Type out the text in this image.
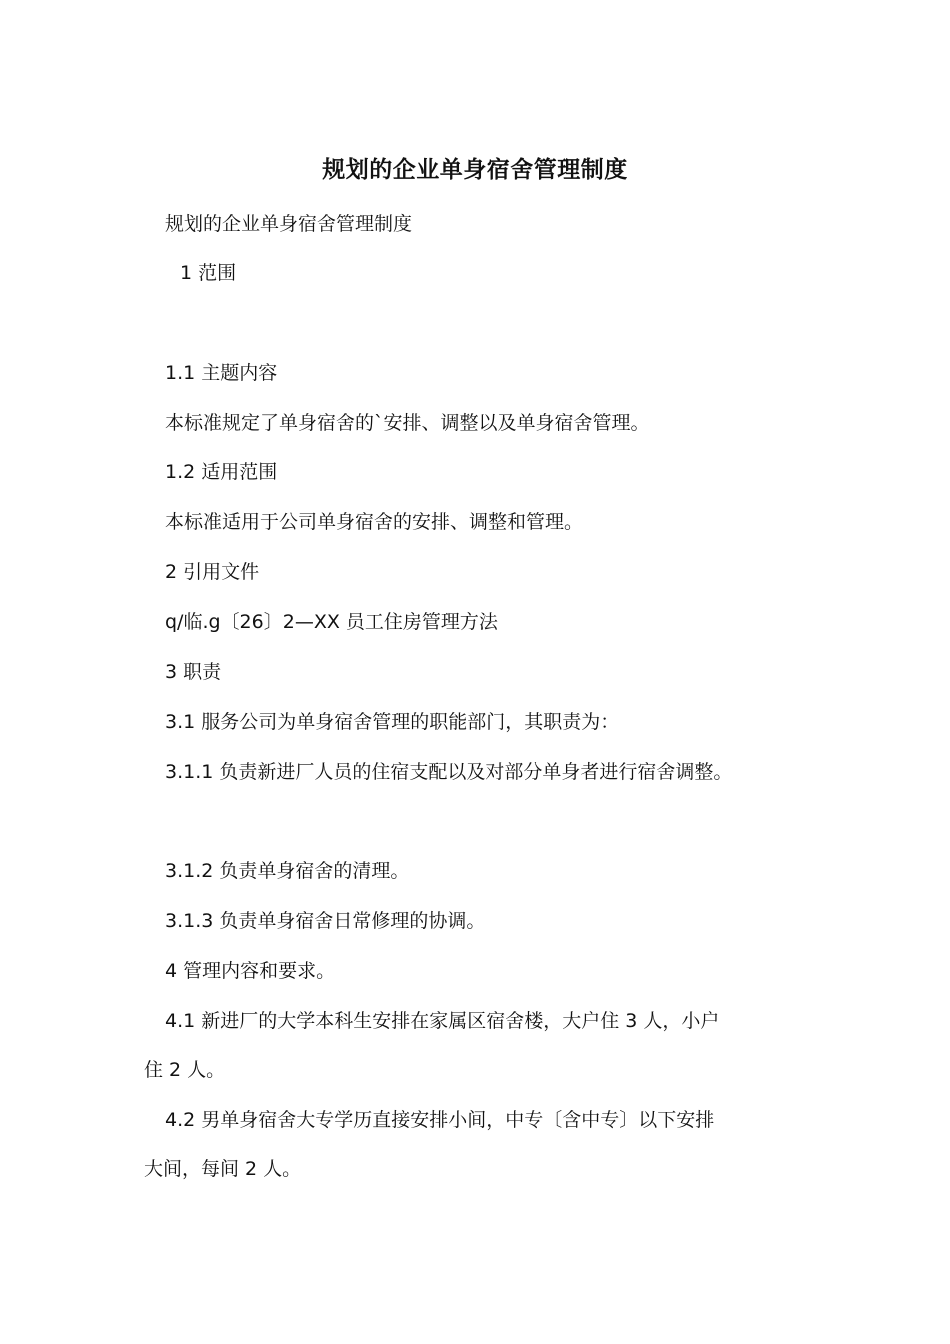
规划的企业单身宿舍管理制度
规划的企业单身宿舍管理制度
1 范围
1.1 主题内容
本标准规定了单身宿舍的`安排、调整以及单身宿舍管理。
1.2 适用范围
本标准适用于公司单身宿舍的安排、调整和管理。
2 引用文件
q/临.g〔26〕2—XX 员工住房管理方法
3 职责
3.1 服务公司为单身宿舍管理的职能部门，其职责为：
3.1.1 负责新进厂人员的住宿支配以及对部分单身者进行宿舍调整。
3.1.2 负责单身宿舍的清理。
3.1.3 负责单身宿舍日常修理的协调。
4 管理内容和要求。
4.1 新进厂的大学本科生安排在家属区宿舍楼，大户住 3 人，小户
住 2 人。
4.2 男单身宿舍大专学历直接安排小间，中专〔含中专〕以下安排
大间，每间 2 人。
